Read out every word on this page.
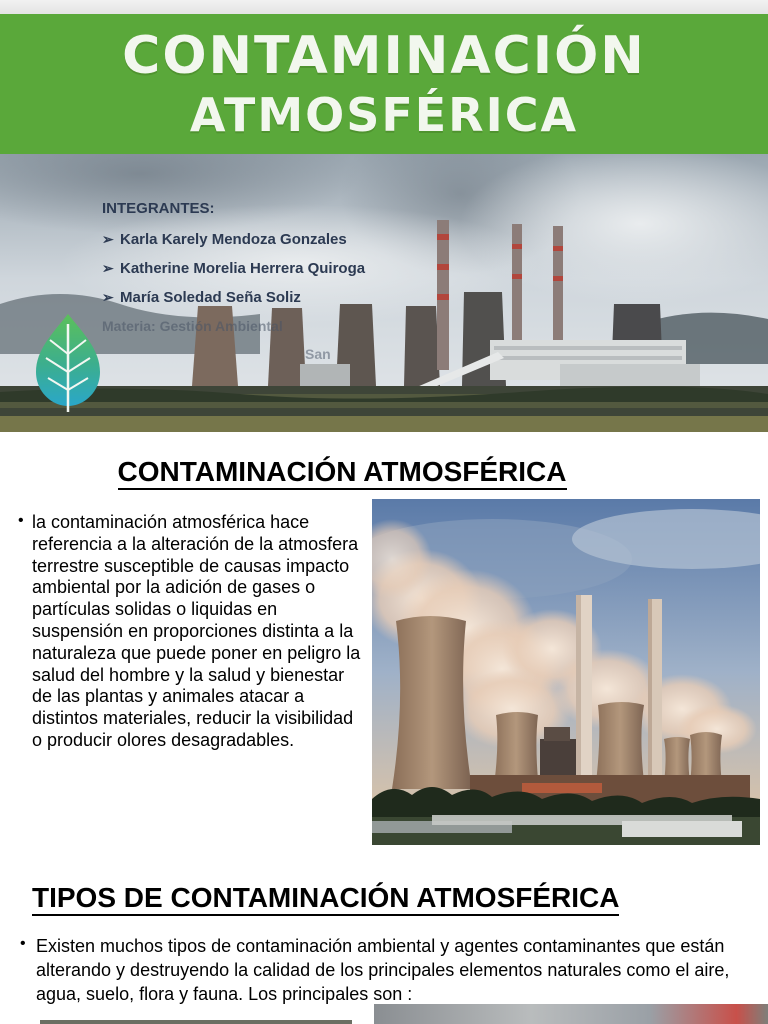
CONTAMINACIÓN
ATMOSFÉRICA
INTEGRANTES:
➢ Karla Karely Mendoza Gonzales
➢ Katherine Morelia Herrera Quiroga
➢ María Soledad Seña Soliz
Materia: Gestión Ambiental
San
CONTAMINACIÓN ATMOSFÉRICA
• la contaminación atmosférica hace referencia a la alteración de la atmosfera terrestre susceptible de causas impacto ambiental por la adición de gases o partículas solidas o liquidas en suspensión en proporciones distinta a la naturaleza que puede poner en peligro la salud del hombre y la salud y bienestar de las plantas y animales atacar a distintos materiales, reducir la visibilidad o producir olores desagradables.
TIPOS DE CONTAMINACIÓN ATMOSFÉRICA
• Existen muchos tipos de contaminación ambiental y agentes contaminantes que están alterando y destruyendo la calidad de los principales elementos naturales como el aire, agua, suelo, flora y fauna. Los principales son :
